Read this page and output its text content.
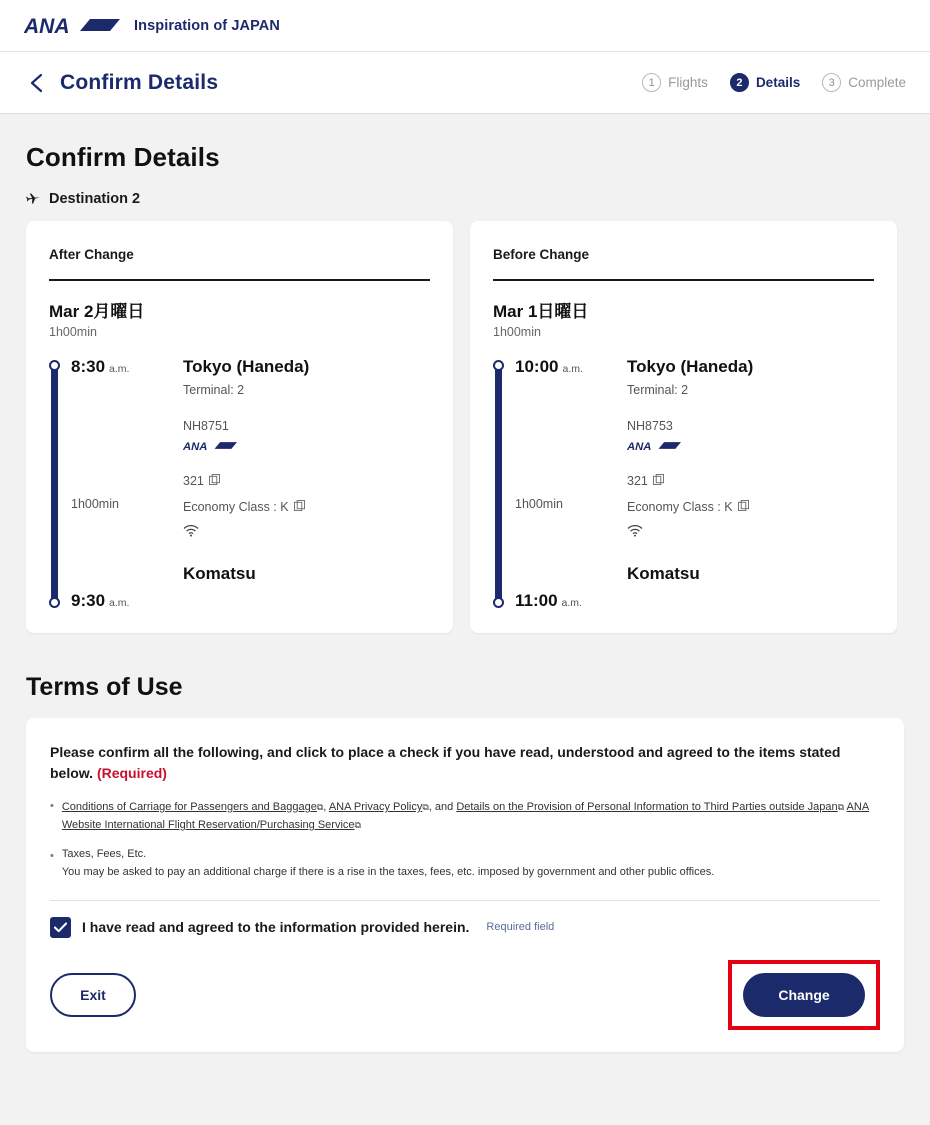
ANA	Inspiration of JAPAN
Confirm Details	1 Flights	2 Details	3 Complete
Confirm Details
Destination 2
After Change
Mar 2月曜日
1h00min
8:30 a.m.
1h00min
9:30 a.m.
Tokyo (Haneda)
Terminal: 2
NH8751
ANA
321
Economy Class : K
Komatsu
Before Change
Mar 1日曜日
1h00min
10:00 a.m.
1h00min
11:00 a.m.
Tokyo (Haneda)
Terminal: 2
NH8753
ANA
321
Economy Class : K
Komatsu
Terms of Use
Please confirm all the following, and click to place a check if you have read, understood and agreed to the items stated below. (Required)
• Conditions of Carriage for Passengers and Baggage⧉, ANA Privacy Policy⧉, and Details on the Provision of Personal Information to Third Parties outside Japan⧉ ANA Website International Flight Reservation/Purchasing Service⧉
• Taxes, Fees, Etc.
You may be asked to pay an additional charge if there is a rise in the taxes, fees, etc. imposed by government and other public offices.
I have read and agreed to the information provided herein. Required field
Exit	Change
